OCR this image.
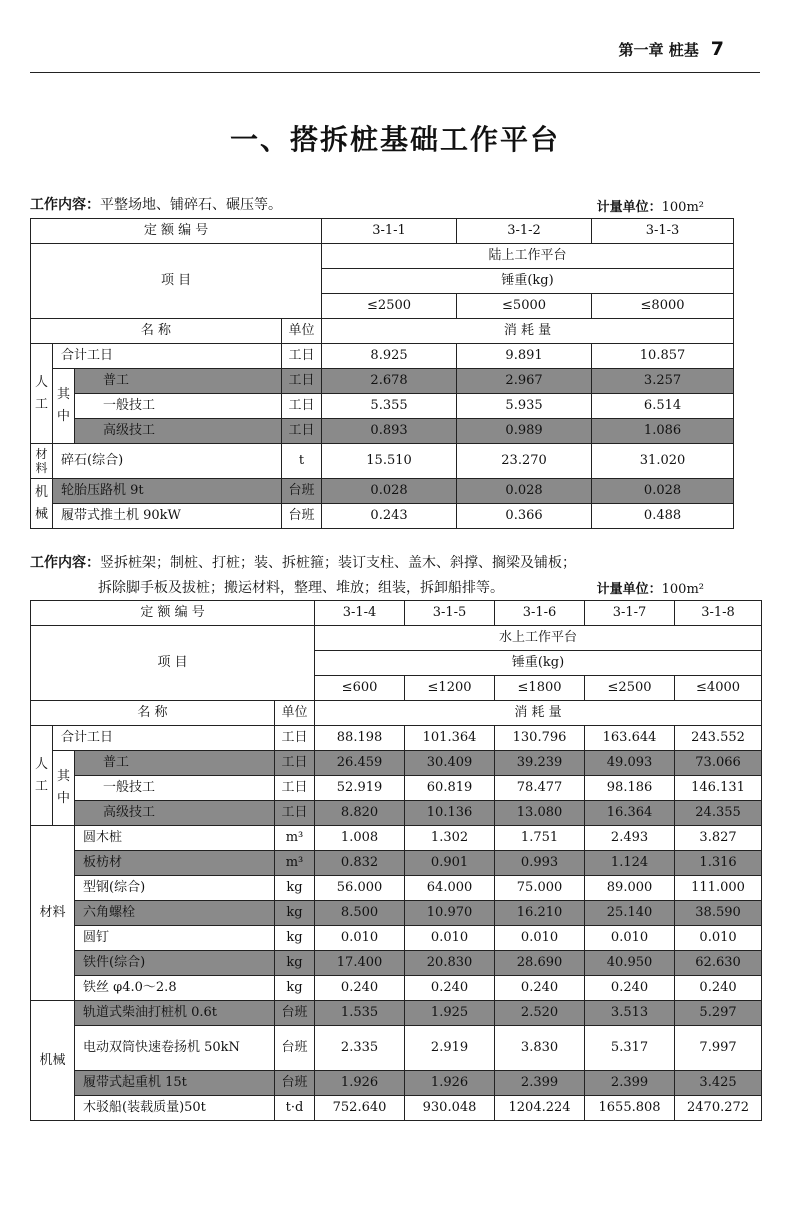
第一章 桩基 7
一、搭拆桩基础工作平台
工作内容：平整场地、铺碎石、碾压等。	计量单位：100m²
定 额 编 号				3-1-1	3-1-2	3-1-3
项 目				陆上工作平台		
				锤重(kg)		
				≤2500	≤5000	≤8000
名 称			单位	消 耗 量		
人工	合计工日		工日	8.925	9.891	10.857
	其中	普工	工日	2.678	2.967	3.257
		一般技工	工日	5.355	5.935	6.514
		高级技工	工日	0.893	0.989	1.086
材料	碎石(综合)		t	15.510	23.270	31.020
机械	轮胎压路机 9t		台班	0.028	0.028	0.028
	履带式推土机 90kW		台班	0.243	0.366	0.488
工作内容：竖拆桩架；制桩、打桩；装、拆桩箍；装订支柱、盖木、斜撑、搁梁及铺板；
拆除脚手板及拔桩；搬运材料，整理、堆放；组装，拆卸船排等。	计量单位：100m²
定 额 编 号				3-1-4	3-1-5	3-1-6	3-1-7	3-1-8
项 目				水上工作平台				
				锤重(kg)				
				≤600	≤1200	≤1800	≤2500	≤4000
名 称			单位	消 耗 量				
人工	合计工日		工日	88.198	101.364	130.796	163.644	243.552
	其中	普工	工日	26.459	30.409	39.239	49.093	73.066
		一般技工	工日	52.919	60.819	78.477	98.186	146.131
		高级技工	工日	8.820	10.136	13.080	16.364	24.355
材料		圆木桩	m³	1.008	1.302	1.751	2.493	3.827
		板枋材	m³	0.832	0.901	0.993	1.124	1.316
		型钢(综合)	kg	56.000	64.000	75.000	89.000	111.000
		六角螺栓	kg	8.500	10.970	16.210	25.140	38.590
		圆钉	kg	0.010	0.010	0.010	0.010	0.010
		铁件(综合)	kg	17.400	20.830	28.690	40.950	62.630
		铁丝 φ4.0～2.8	kg	0.240	0.240	0.240	0.240	0.240
机械		轨道式柴油打桩机 0.6t	台班	1.535	1.925	2.520	3.513	5.297
		电动双筒快速卷扬机 50kN	台班	2.335	2.919	3.830	5.317	7.997
		履带式起重机 15t	台班	1.926	1.926	2.399	2.399	3.425
		木驳船(装载质量)50t	t·d	752.640	930.048	1204.224	1655.808	2470.272
